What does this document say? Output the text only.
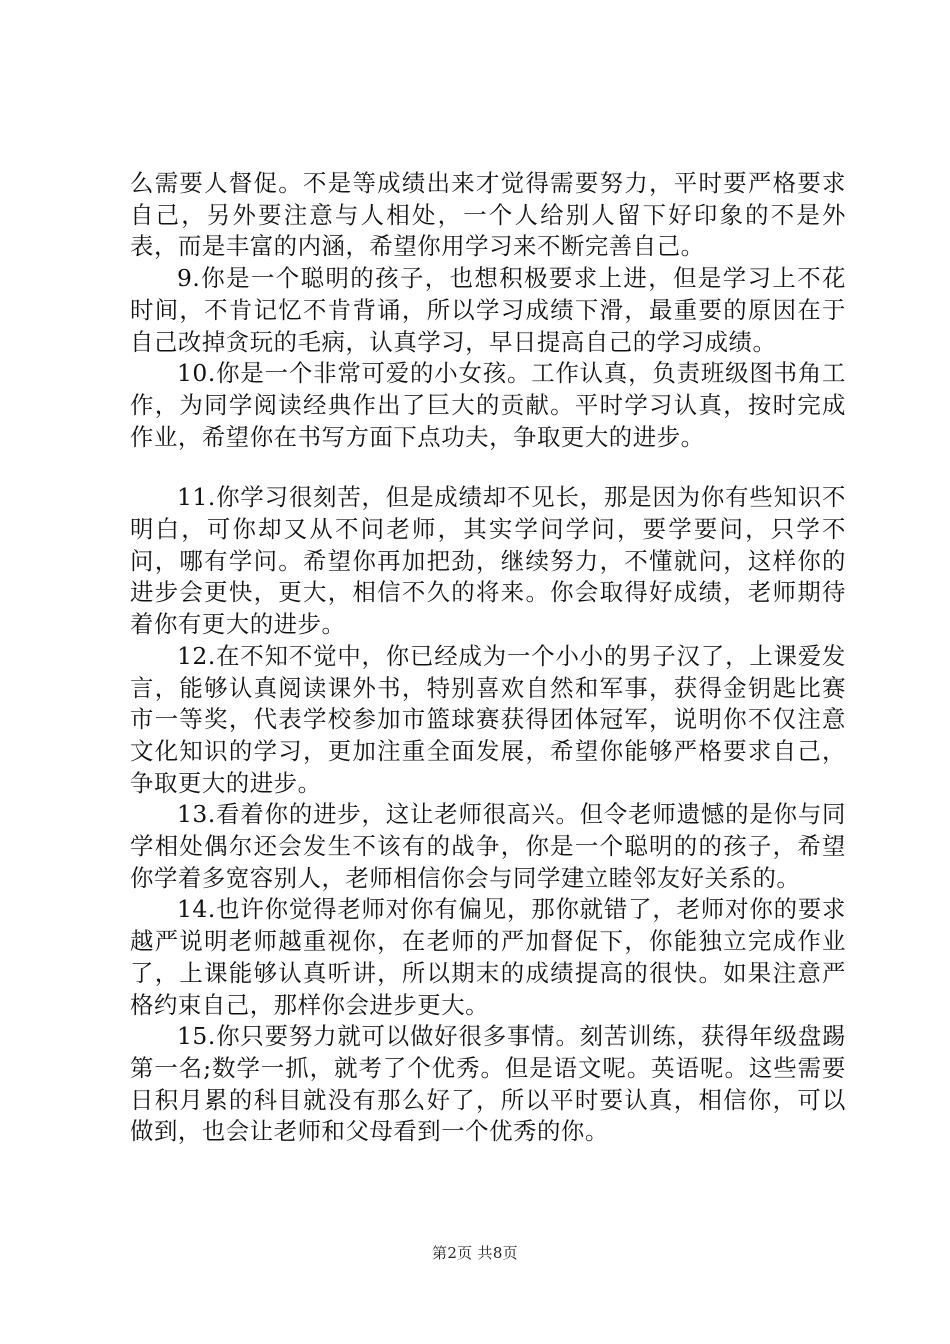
么需要人督促。不是等成绩出来才觉得需要努力，平时要严格要求自己，另外要注意与人相处，一个人给别人留下好印象的不是外表，而是丰富的内涵，希望你用学习来不断完善自己。

9.你是一个聪明的孩子，也想积极要求上进，但是学习上不花时间，不肯记忆不肯背诵，所以学习成绩下滑，最重要的原因在于自己改掉贪玩的毛病，认真学习，早日提高自己的学习成绩。

10.你是一个非常可爱的小女孩。工作认真，负责班级图书角工作，为同学阅读经典作出了巨大的贡献。平时学习认真，按时完成作业，希望你在书写方面下点功夫，争取更大的进步。

11.你学习很刻苦，但是成绩却不见长，那是因为你有些知识不明白，可你却又从不问老师，其实学问学问，要学要问，只学不问，哪有学问。希望你再加把劲，继续努力，不懂就问，这样你的进步会更快，更大，相信不久的将来。你会取得好成绩，老师期待着你有更大的进步。

12.在不知不觉中，你已经成为一个小小的男子汉了，上课爱发言，能够认真阅读课外书，特别喜欢自然和军事，获得金钥匙比赛市一等奖，代表学校参加市篮球赛获得团体冠军，说明你不仅注意文化知识的学习，更加注重全面发展，希望你能够严格要求自己，争取更大的进步。

13.看着你的进步，这让老师很高兴。但令老师遗憾的是你与同学相处偶尔还会发生不该有的战争，你是一个聪明的的孩子，希望你学着多宽容别人，老师相信你会与同学建立睦邻友好关系的。

14.也许你觉得老师对你有偏见，那你就错了，老师对你的要求越严说明老师越重视你，在老师的严加督促下，你能独立完成作业了，上课能够认真听讲，所以期末的成绩提高的很快。如果注意严格约束自己，那样你会进步更大。

15.你只要努力就可以做好很多事情。刻苦训练，获得年级盘踢第一名;数学一抓，就考了个优秀。但是语文呢。英语呢。这些需要日积月累的科目就没有那么好了，所以平时要认真，相信你，可以做到，也会让老师和父母看到一个优秀的你。

第2页 共8页
